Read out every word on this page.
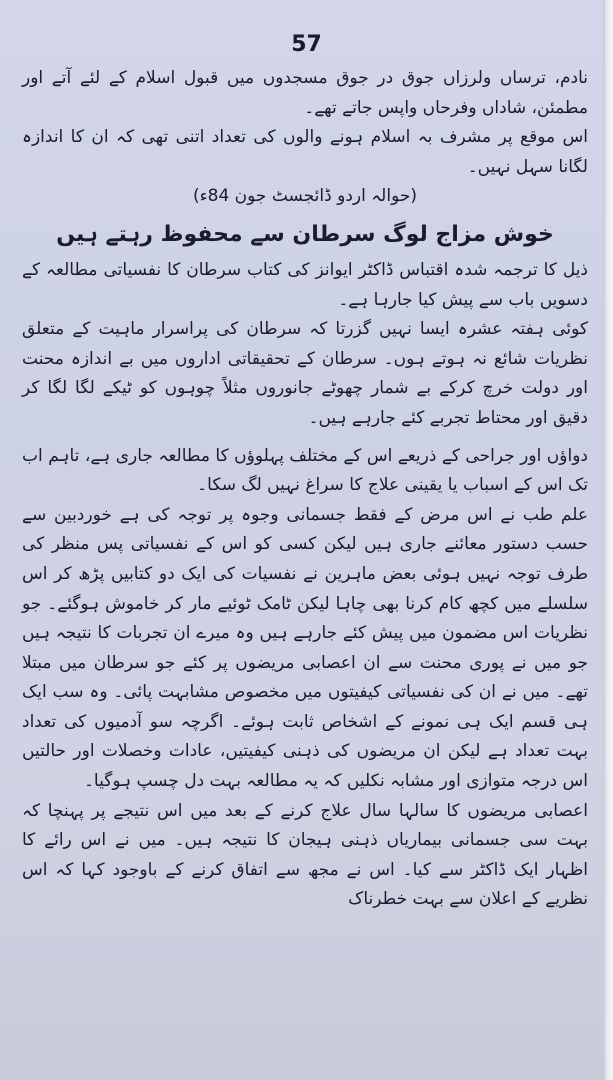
57

نادم، ترساں ولرزاں جوق در جوق مسجدوں میں قبول اسلام کے لئے آتے اور مطمئن، شاداں وفرحاں واپس جاتے تھے۔

اس موقع پر مشرف بہ اسلام ہونے والوں کی تعداد اتنی تھی کہ ان کا اندازہ لگانا سہل نہیں۔

(حوالہ اردو ڈائجسٹ جون 84ء)

خوش مزاج لوگ سرطان سے محفوظ رہتے ہیں

ذیل کا ترجمہ شدہ اقتباس ڈاکٹر ایوانز کی کتاب سرطان کا نفسیاتی مطالعہ کے دسویں باب سے پیش کیا جارہا ہے۔

کوئی ہفتہ عشرہ ایسا نہیں گزرتا کہ سرطان کی پراسرار ماہیت کے متعلق نظریات شائع نہ ہوتے ہوں۔ سرطان کے تحقیقاتی اداروں میں بے اندازہ محنت اور دولت خرچ کرکے بے شمار چھوٹے جانوروں مثلاً چوہوں کو ٹیکے لگا لگا کر دقیق اور محتاط تجربے کئے جارہے ہیں۔

دواؤں اور جراحی کے ذریعے اس کے مختلف پہلوؤں کا مطالعہ جاری ہے، تاہم اب تک اس کے اسباب یا یقینی علاج کا سراغ نہیں لگ سکا۔

علم طب نے اس مرض کے فقط جسمانی وجوہ پر توجہ کی ہے خوردبین سے حسب دستور معائنے جاری ہیں لیکن کسی کو اس کے نفسیاتی پس منظر کی طرف توجہ نہیں ہوئی بعض ماہرین نے نفسیات کی ایک دو کتابیں پڑھ کر اس سلسلے میں کچھ کام کرنا بھی چاہا لیکن ٹامک ٹوئیے مار کر خاموش ہوگئے۔ جو نظریات اس مضمون میں پیش کئے جارہے ہیں وہ میرے ان تجربات کا نتیجہ ہیں جو میں نے پوری محنت سے ان اعصابی مریضوں پر کئے جو سرطان میں مبتلا تھے۔ میں نے ان کی نفسیاتی کیفیتوں میں مخصوص مشابہت پائی۔ وہ سب ایک ہی قسم ایک ہی نمونے کے اشخاص ثابت ہوئے۔ اگرچہ سو آدمیوں کی تعداد بہت تعداد ہے لیکن ان مریضوں کی ذہنی کیفیتیں، عادات وخصلات اور حالتیں اس درجہ متوازی اور مشابہ نکلیں کہ یہ مطالعہ بہت دل چسپ ہوگیا۔

اعصابی مریضوں کا سالہا سال علاج کرنے کے بعد میں اس نتیجے پر پہنچا کہ بہت سی جسمانی بیماریاں ذہنی ہیجان کا نتیجہ ہیں۔ میں نے اس رائے کا اظہار ایک ڈاکٹر سے کیا۔ اس نے مجھ سے اتفاق کرنے کے باوجود کہا کہ اس نظریے کے اعلان سے بہت خطرناک
